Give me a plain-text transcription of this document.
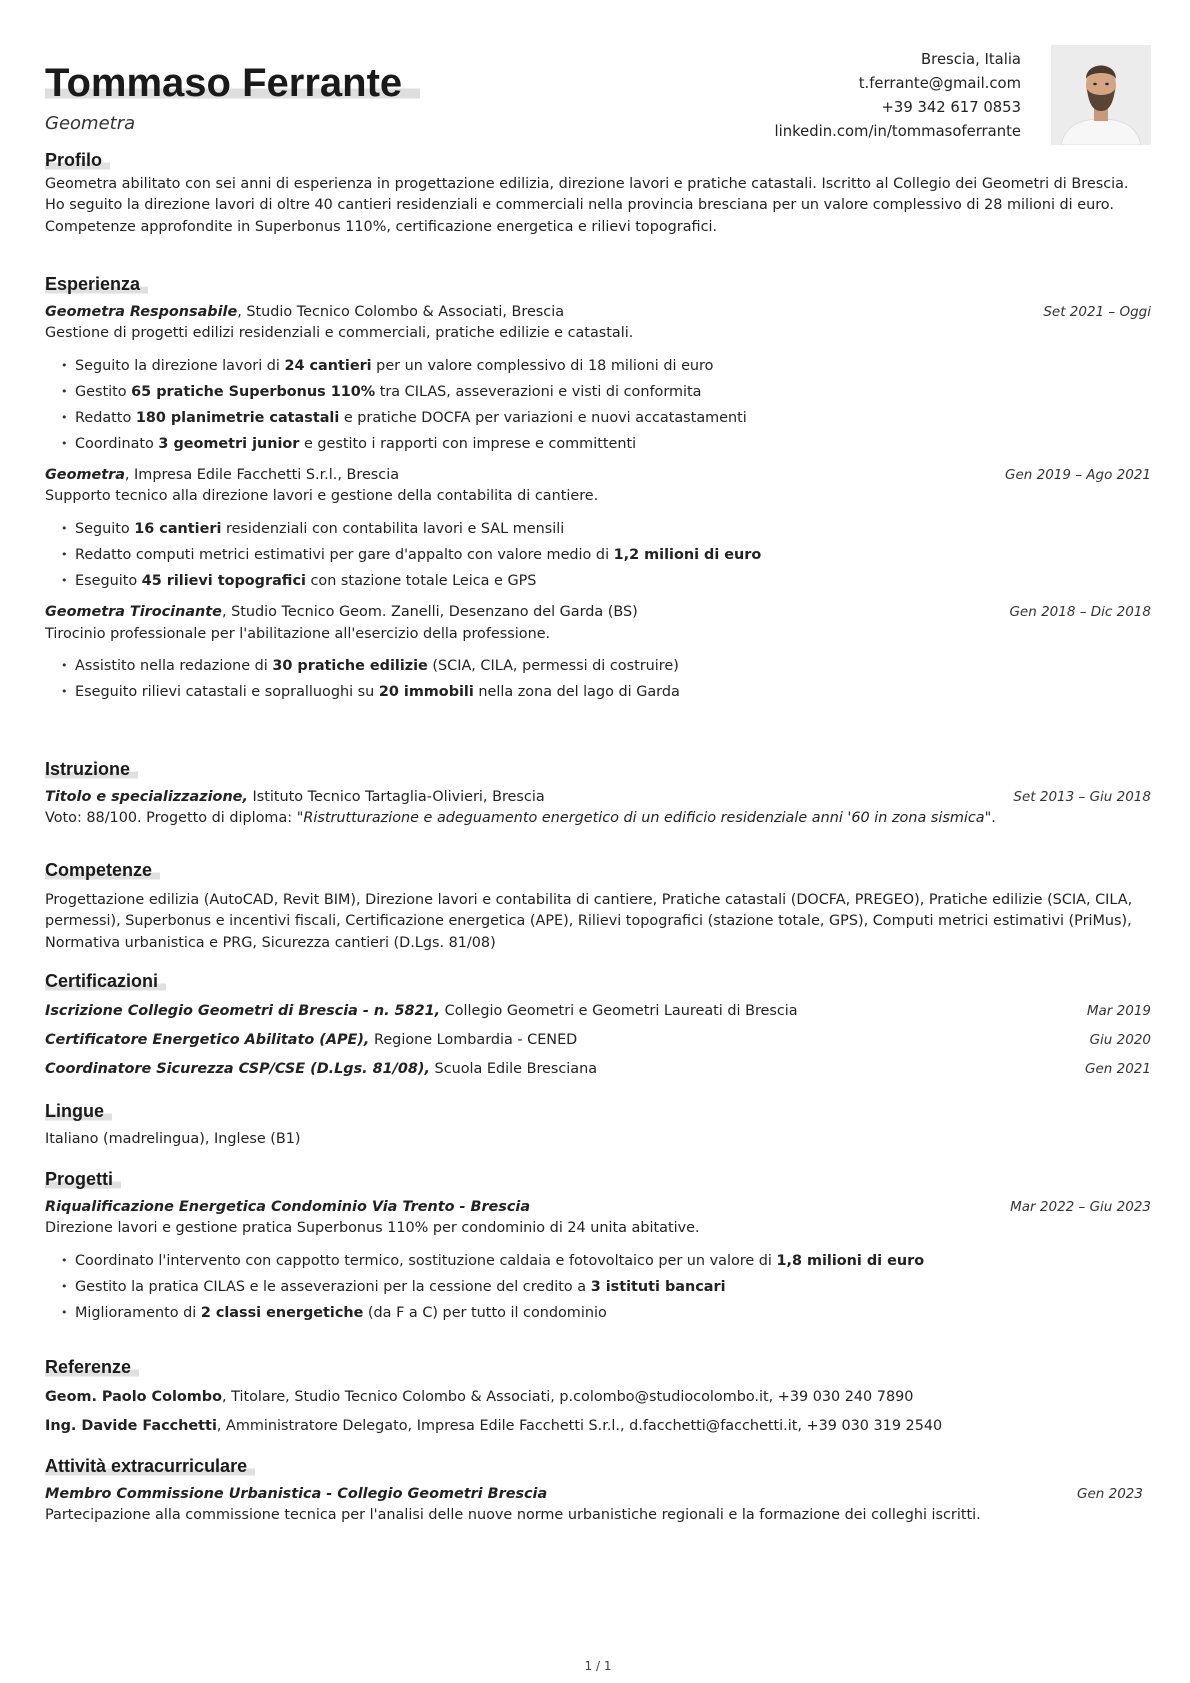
Tommaso Ferrante
Geometra
Brescia, Italia
t.ferrante@gmail.com
+39 342 617 0853
linkedin.com/in/tommasoferrante
Profilo

Geometra abilitato con sei anni di esperienza in progettazione edilizia, direzione lavori e pratiche catastali. Iscritto al Collegio dei Geometri di Brescia. Ho seguito la direzione lavori di oltre 40 cantieri residenziali e commerciali nella provincia bresciana per un valore complessivo di 28 milioni di euro. Competenze approfondite in Superbonus 110%, certificazione energetica e rilievi topografici.

Esperienza
Geometra Responsabile, Studio Tecnico Colombo & Associati, Brescia	Set 2021 – Oggi

Gestione di progetti edilizi residenziali e commerciali, pratiche edilizie e catastali.

• Seguito la direzione lavori di 24 cantieri per un valore complessivo di 18 milioni di euro
• Gestito 65 pratiche Superbonus 110% tra CILAS, asseverazioni e visti di conformita
• Redatto 180 planimetrie catastali e pratiche DOCFA per variazioni e nuovi accatastamenti
• Coordinato 3 geometri junior e gestito i rapporti con imprese e committenti
Geometra, Impresa Edile Facchetti S.r.l., Brescia	Gen 2019 – Ago 2021

Supporto tecnico alla direzione lavori e gestione della contabilita di cantiere.

• Seguito 16 cantieri residenziali con contabilita lavori e SAL mensili
• Redatto computi metrici estimativi per gare d'appalto con valore medio di 1,2 milioni di euro
• Eseguito 45 rilievi topografici con stazione totale Leica e GPS
Geometra Tirocinante, Studio Tecnico Geom. Zanelli, Desenzano del Garda (BS)	Gen 2018 – Dic 2018

Tirocinio professionale per l'abilitazione all'esercizio della professione.

• Assistito nella redazione di 30 pratiche edilizie (SCIA, CILA, permessi di costruire)
• Eseguito rilievi catastali e sopralluoghi su 20 immobili nella zona del lago di Garda
Istruzione
Titolo e specializzazione, Istituto Tecnico Tartaglia-Olivieri, Brescia	Set 2013 – Giu 2018

Voto: 88/100. Progetto di diploma: "Ristrutturazione e adeguamento energetico di un edificio residenziale anni '60 in zona sismica".

Competenze

Progettazione edilizia (AutoCAD, Revit BIM), Direzione lavori e contabilita di cantiere, Pratiche catastali (DOCFA, PREGEO), Pratiche edilizie (SCIA, CILA, permessi), Superbonus e incentivi fiscali, Certificazione energetica (APE), Rilievi topografici (stazione totale, GPS), Computi metrici estimativi (PriMus), Normativa urbanistica e PRG, Sicurezza cantieri (D.Lgs. 81/08)

Certificazioni
Iscrizione Collegio Geometri di Brescia - n. 5821, Collegio Geometri e Geometri Laureati di Brescia	Mar 2019
Certificatore Energetico Abilitato (APE), Regione Lombardia - CENED	Giu 2020
Coordinatore Sicurezza CSP/CSE (D.Lgs. 81/08), Scuola Edile Bresciana	Gen 2021
Lingue

Italiano (madrelingua), Inglese (B1)

Progetti
Riqualificazione Energetica Condominio Via Trento - Brescia	Mar 2022 – Giu 2023

Direzione lavori e gestione pratica Superbonus 110% per condominio di 24 unita abitative.

• Coordinato l'intervento con cappotto termico, sostituzione caldaia e fotovoltaico per un valore di 1,8 milioni di euro
• Gestito la pratica CILAS e le asseverazioni per la cessione del credito a 3 istituti bancari
• Miglioramento di 2 classi energetiche (da F a C) per tutto il condominio
Referenze
Geom. Paolo Colombo, Titolare, Studio Tecnico Colombo & Associati, p.colombo@studiocolombo.it, +39 030 240 7890
Ing. Davide Facchetti, Amministratore Delegato, Impresa Edile Facchetti S.r.l., d.facchetti@facchetti.it, +39 030 319 2540
Attività extracurriculare
Membro Commissione Urbanistica - Collegio Geometri Brescia	Gen 2023

Partecipazione alla commissione tecnica per l'analisi delle nuove norme urbanistiche regionali e la formazione dei colleghi iscritti.

1 / 1
